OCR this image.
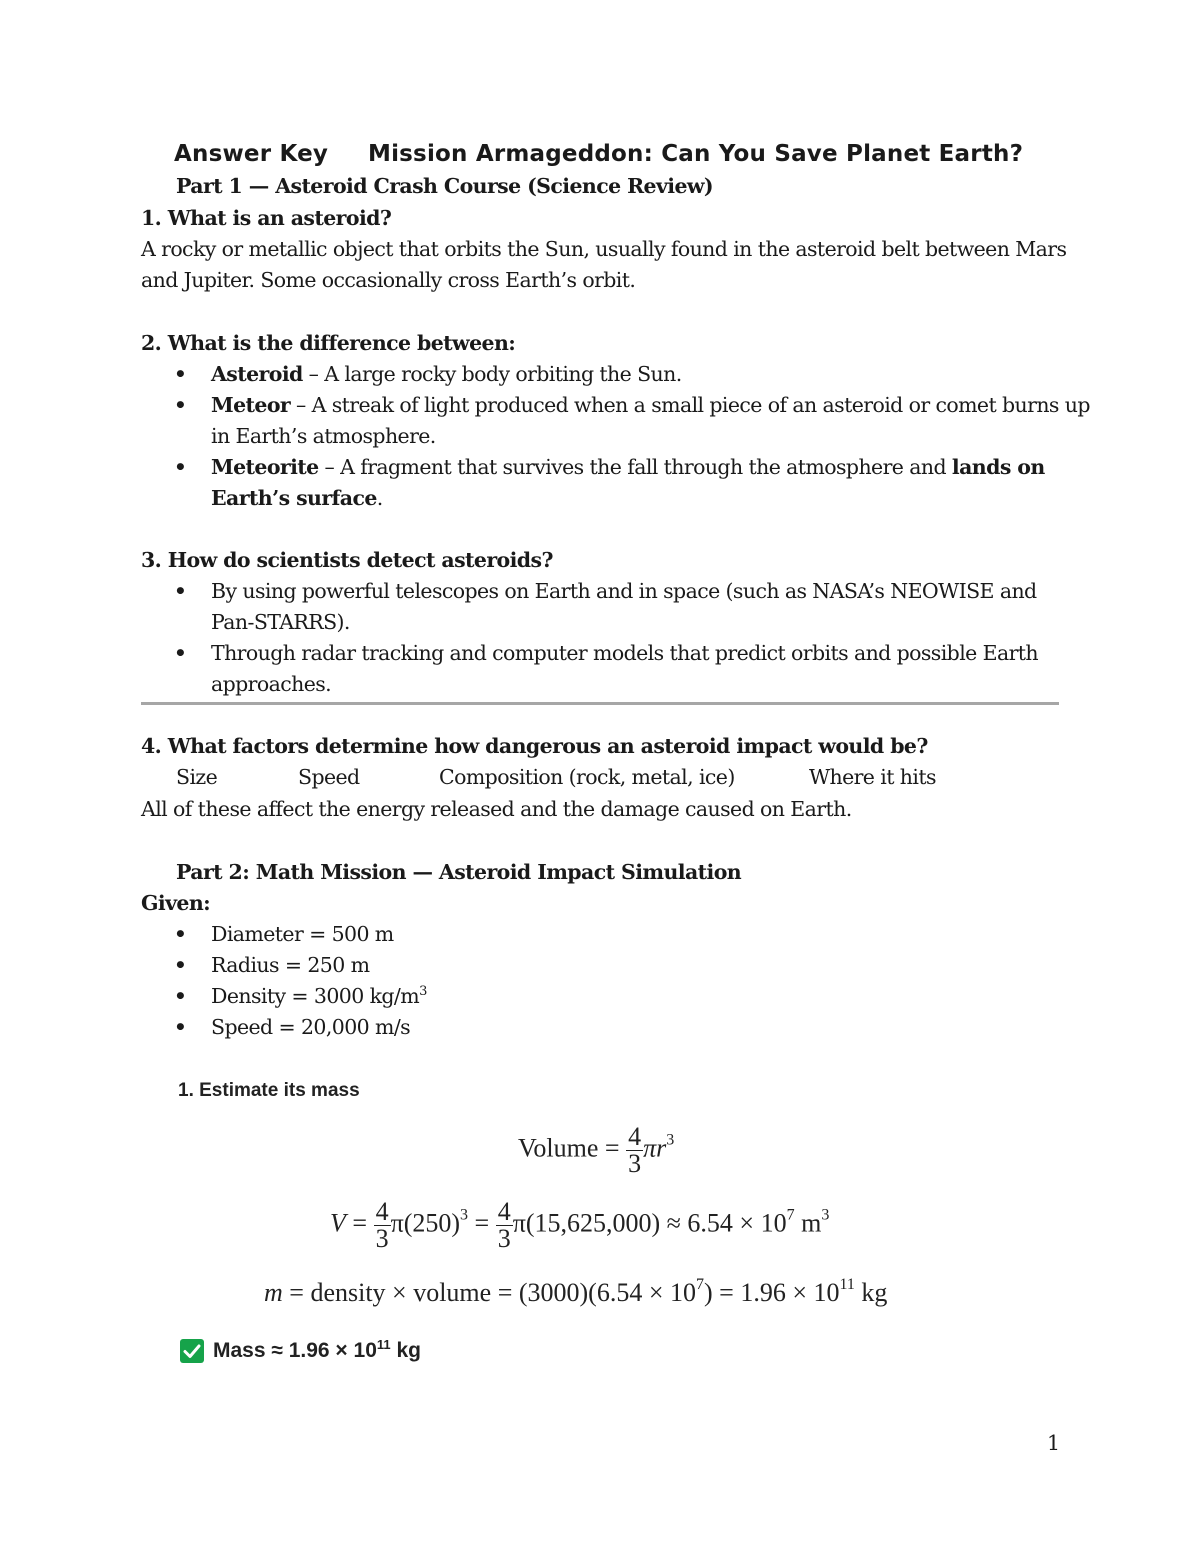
Answer Key Mission Armageddon: Can You Save Planet Earth?
Part 1 — Asteroid Crash Course (Science Review)
1. What is an asteroid?
A rocky or metallic object that orbits the Sun, usually found in the asteroid belt between Mars
and Jupiter. Some occasionally cross Earth’s orbit.
2. What is the difference between:
• Asteroid – A large rocky body orbiting the Sun.
• Meteor – A streak of light produced when a small piece of an asteroid or comet burns up
in Earth’s atmosphere.
• Meteorite – A fragment that survives the fall through the atmosphere and lands on
Earth’s surface.
3. How do scientists detect asteroids?
• By using powerful telescopes on Earth and in space (such as NASA’s NEOWISE and
Pan-STARRS).
• Through radar tracking and computer models that predict orbits and possible Earth
approaches.
4. What factors determine how dangerous an asteroid impact would be?
Size	Speed	Composition (rock, metal, ice)	Where it hits
All of these affect the energy released and the damage caused on Earth.
Part 2: Math Mission — Asteroid Impact Simulation
Given:
• Diameter = 500 m
• Radius = 250 m
• Density = 3000 $kg/m^3$
• Speed = 20,000 m/s
1. Estimate its mass
Volume = $\frac{4}{3} \pi r^3$
$V = \frac{4}{3} \pi(250)^3 = \frac{4}{3} \pi(15,625,000) \approx 6.54 \times 10^7$ $m^3$
m = density × volume = $(3000)(6.54 \times 10^7) = 1.96 \times 10^{11}$ kg
Mass ≈ $1.96 \times 10^{11}$ kg
1
